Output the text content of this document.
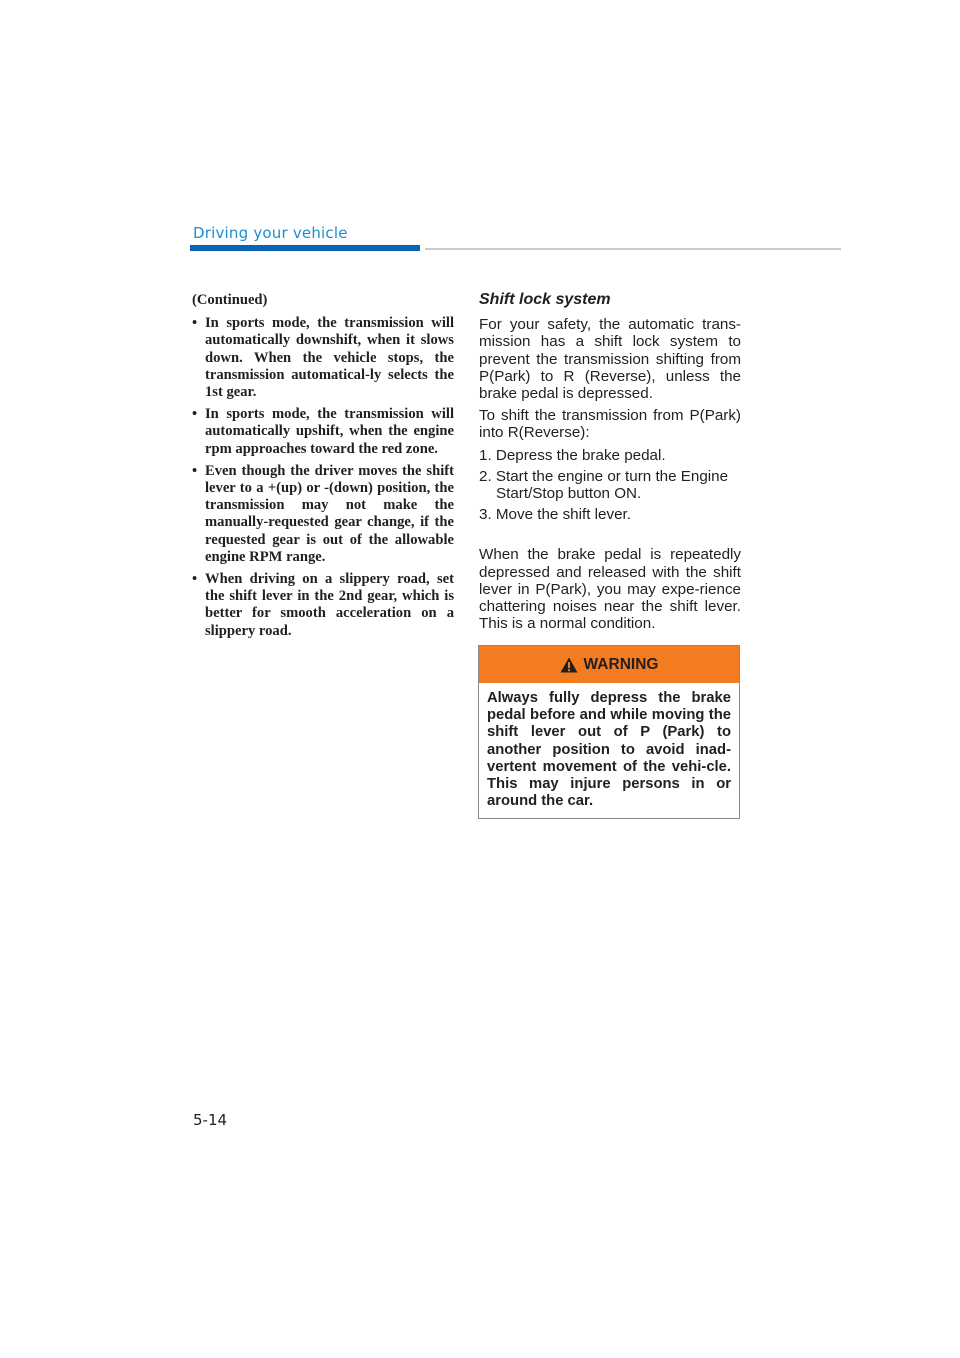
Driving your vehicle

(Continued)

• In sports mode, the transmission will automatically downshift, when it slows down. When the vehicle stops, the transmission automatical-ly selects the 1st gear.
• In sports mode, the transmission will automatically upshift, when the engine rpm approaches toward the red zone.
• Even though the driver moves the shift lever to a +(up) or -(down) position, the transmission may not make the manually-requested gear change, if the requested gear is out of the allowable engine RPM range.
• When driving on a slippery road, set the shift lever in the 2nd gear, which is better for smooth acceleration on a slippery road.
Shift lock system

For your safety, the automatic trans-mission has a shift lock system to prevent the transmission shifting from P(Park) to R (Reverse), unless the brake pedal is depressed.

To shift the transmission from P(Park) into R(Reverse):

1. Depress the brake pedal.
2. Start the engine or turn the Engine Start/Stop button ON.
3. Move the shift lever.

When the brake pedal is repeatedly depressed and released with the shift lever in P(Park), you may expe-rience chattering noises near the shift lever. This is a normal condition.

WARNING
Always fully depress the brake pedal before and while moving the shift lever out of P (Park) to another position to avoid inad-vertent movement of the vehi-cle. This may injure persons in or around the car.
5-14
